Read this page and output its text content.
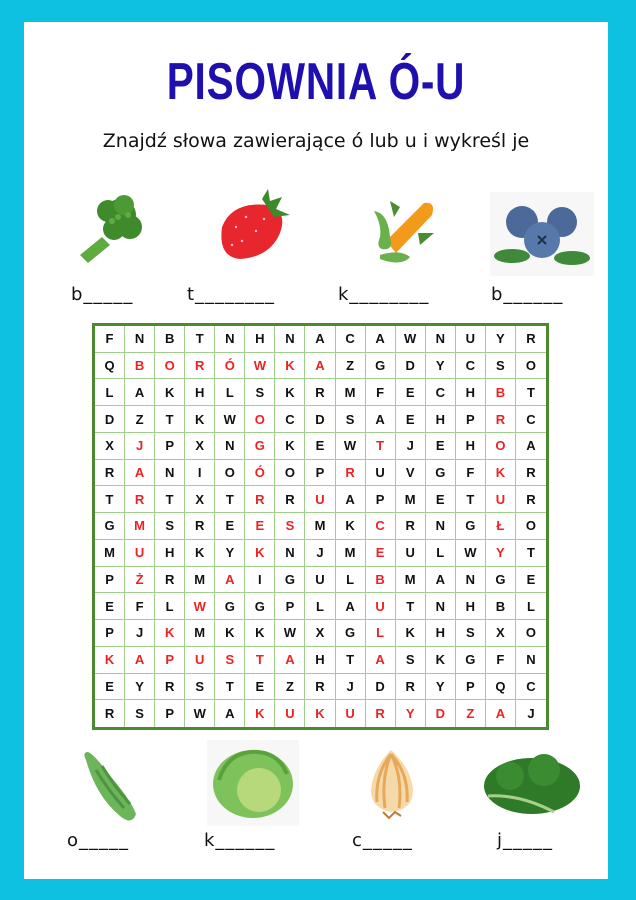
PISOWNIA Ó-U
Znajdź słowa zawierające ó lub u i wykreśl je
b_____	t________	k________	b______
F	N	B	T	N	H	N	A	C	A	W	N	U	Y	R
Q	B	O	R	Ó	W	K	A	Z	G	D	Y	C	S	O
L	A	K	H	L	S	K	R	M	F	E	C	H	B	T
D	Z	T	K	W	O	C	D	S	A	E	H	P	R	C
X	J	P	X	N	G	K	E	W	T	J	E	H	O	A
R	A	N	I	O	Ó	O	P	R	U	V	G	F	K	R
T	R	T	X	T	R	R	U	A	P	M	E	T	U	R
G	M	S	R	E	E	S	M	K	C	R	N	G	Ł	O
M	U	H	K	Y	K	N	J	M	E	U	L	W	Y	T
P	Ż	R	M	A	I	G	U	L	B	M	A	N	G	E
E	F	L	W	G	G	P	L	A	U	T	N	H	B	L
P	J	K	M	K	K	W	X	G	L	K	H	S	X	O
K	A	P	U	S	T	A	H	T	A	S	K	G	F	N
E	Y	R	S	T	E	Z	R	J	D	R	Y	P	Q	C
R	S	P	W	A	K	U	K	U	R	Y	D	Z	A	J
o_____	k______	c_____	j_____
